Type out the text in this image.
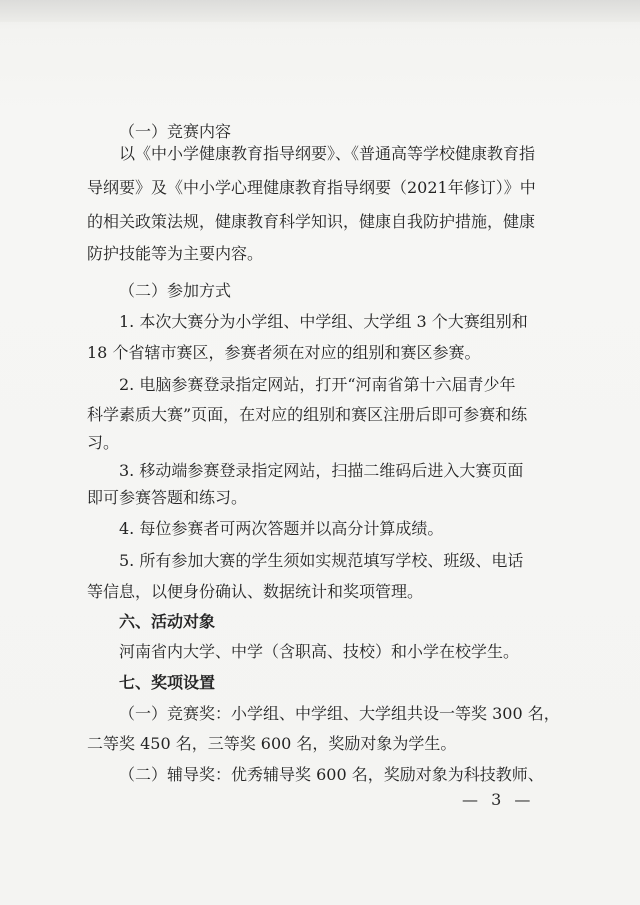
（一）竞赛内容
以《中小学健康教育指导纲要》、《普通高等学校健康教育指
导纲要》及《中小学心理健康教育指导纲要（2021年修订）》中
的相关政策法规，健康教育科学知识，健康自我防护措施，健康
防护技能等为主要内容。
（二）参加方式
1. 本次大赛分为小学组、中学组、大学组 3 个大赛组别和
18 个省辖市赛区，参赛者须在对应的组别和赛区参赛。
2. 电脑参赛登录指定网站，打开“河南省第十六届青少年
科学素质大赛”页面，在对应的组别和赛区注册后即可参赛和练
习。
3. 移动端参赛登录指定网站，扫描二维码后进入大赛页面
即可参赛答题和练习。
4. 每位参赛者可两次答题并以高分计算成绩。
5. 所有参加大赛的学生须如实规范填写学校、班级、电话
等信息，以便身份确认、数据统计和奖项管理。
六、活动对象
河南省内大学、中学（含职高、技校）和小学在校学生。
七、奖项设置
（一）竞赛奖：小学组、中学组、大学组共设一等奖 300 名，
二等奖 450 名，三等奖 600 名，奖励对象为学生。
（二）辅导奖：优秀辅导奖 600 名，奖励对象为科技教师、
— 3 —
